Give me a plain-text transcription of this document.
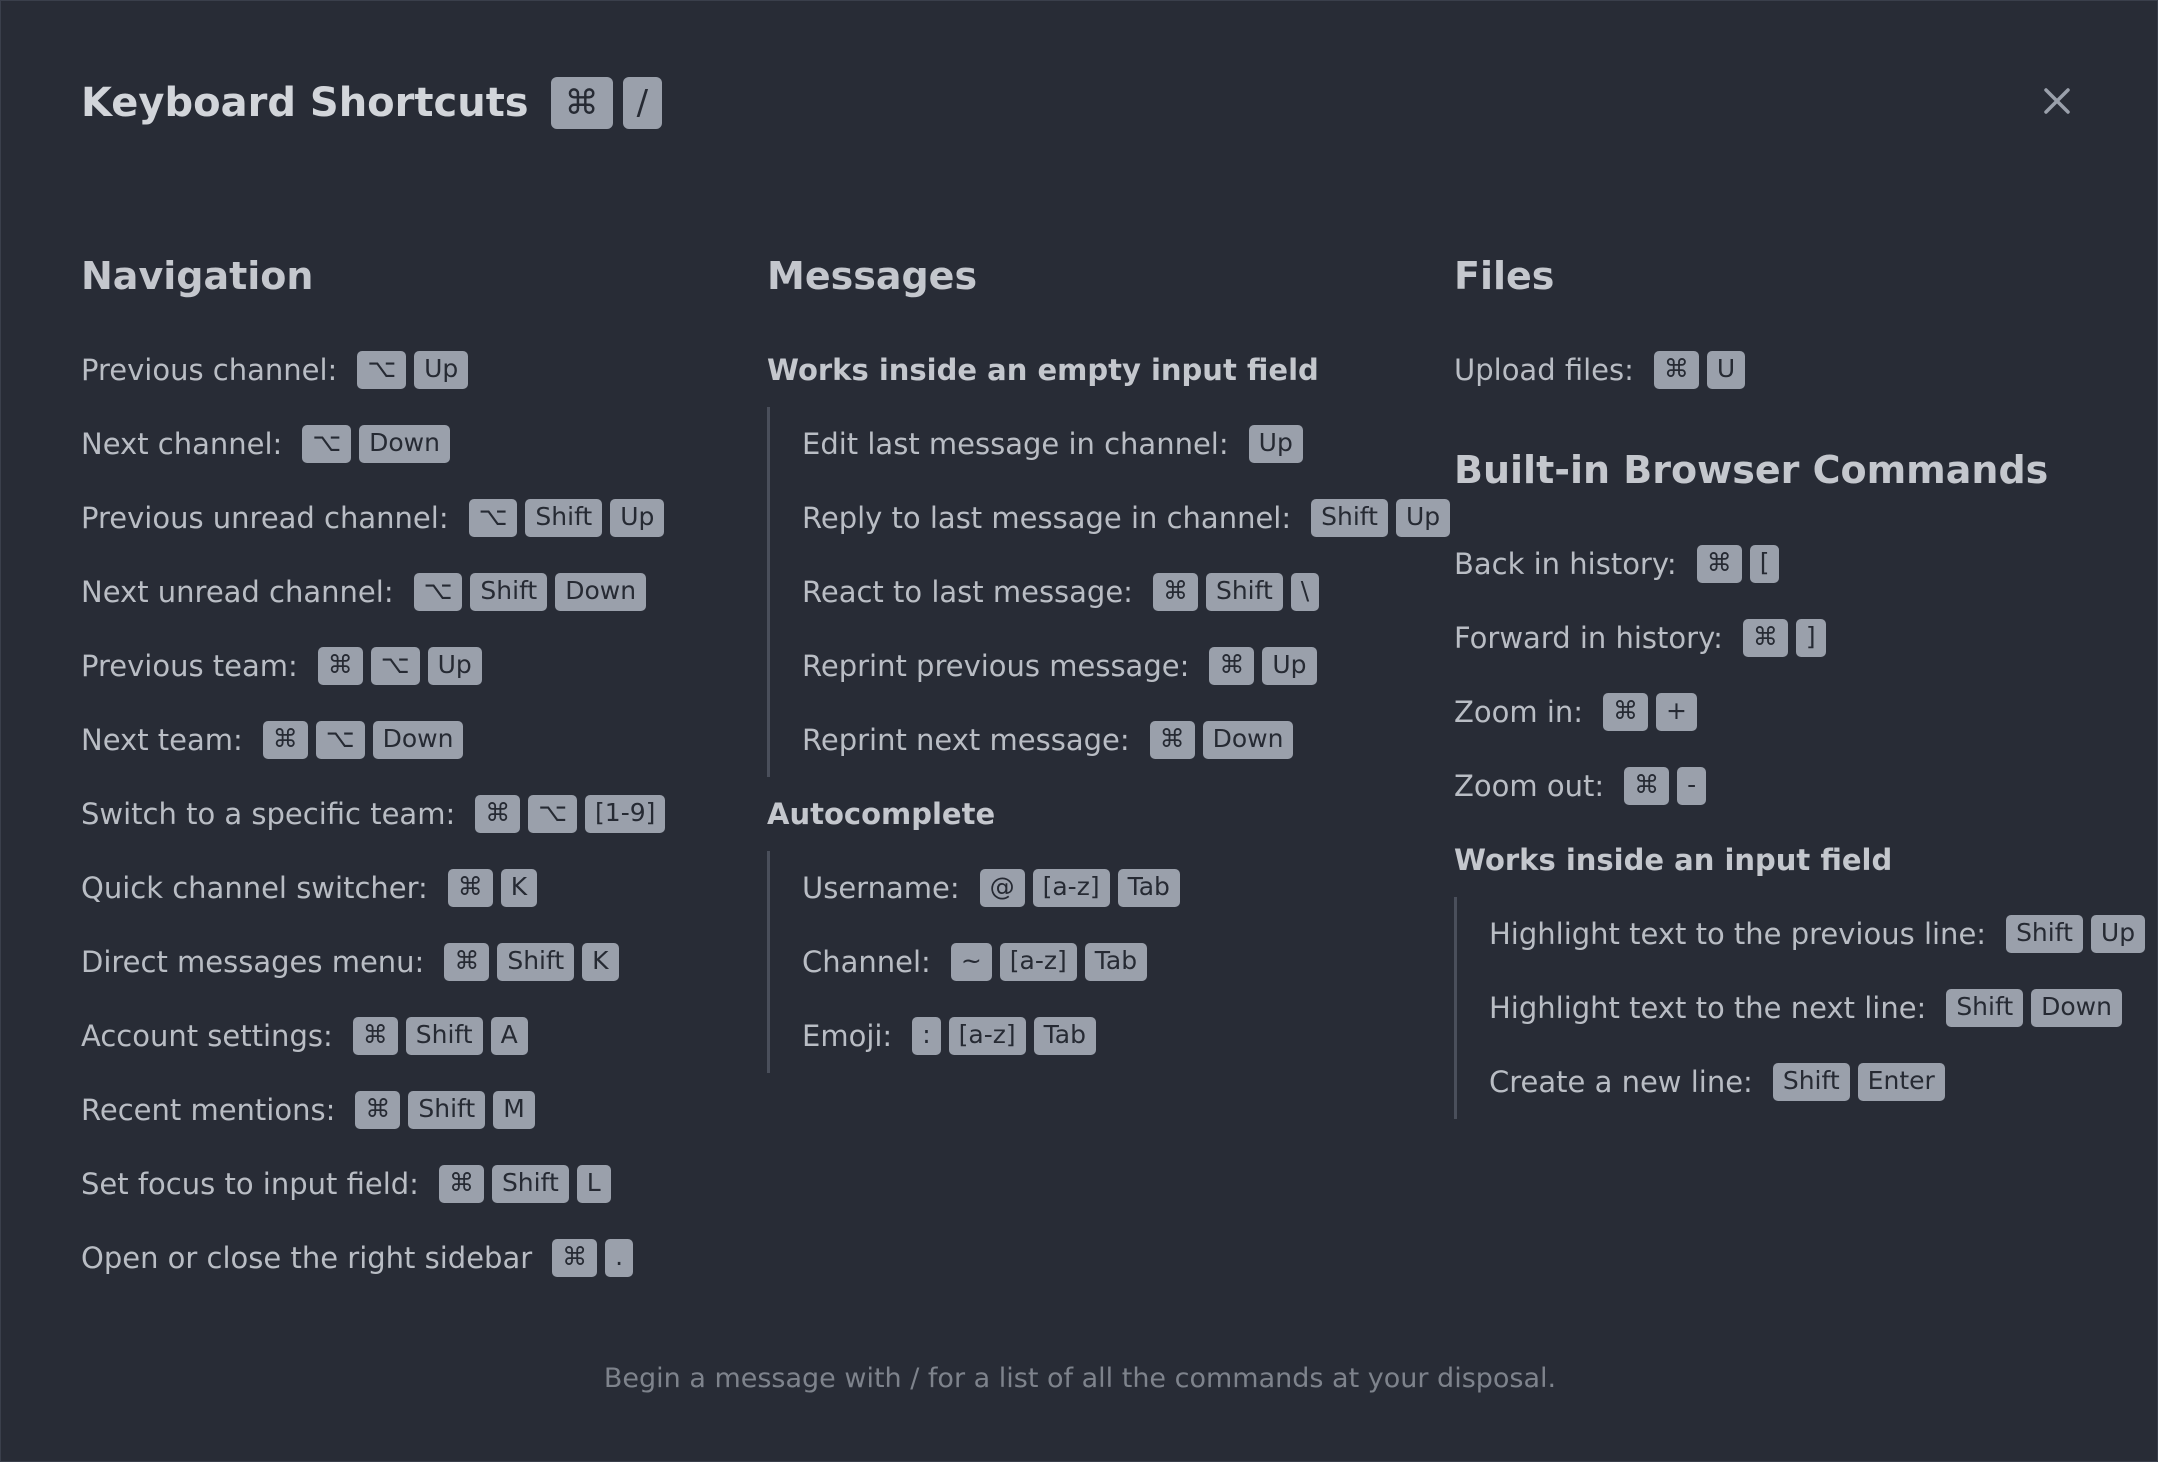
Keyboard Shortcuts	⌘	/
Navigation
Previous channel:	⌥	Up
Next channel:	⌥	Down
Previous unread channel:	⌥	Shift	Up
Next unread channel:	⌥	Shift	Down
Previous team:	⌘	⌥	Up
Next team:	⌘	⌥	Down
Switch to a specific team:	⌘	⌥	[1-9]
Quick channel switcher:	⌘	K
Direct messages menu:	⌘	Shift	K
Account settings:	⌘	Shift	A
Recent mentions:	⌘	Shift	M
Set focus to input field:	⌘	Shift	L
Open or close the right sidebar	⌘	.
Messages
Works inside an empty input field
Edit last message in channel:	Up
Reply to last message in channel:	Shift	Up
React to last message:	⌘	Shift	\
Reprint previous message:	⌘	Up
Reprint next message:	⌘	Down
Autocomplete
Username:	@	[a-z]	Tab
Channel:	~	[a-z]	Tab
Emoji:	:	[a-z]	Tab
Files
Upload files:	⌘	U
Built-in Browser Commands
Back in history:	⌘	[
Forward in history:	⌘	]
Zoom in:	⌘	+
Zoom out:	⌘	-
Works inside an input field
Highlight text to the previous line:	Shift	Up
Highlight text to the next line:	Shift	Down
Create a new line:	Shift	Enter
Begin a message with / for a list of all the commands at your disposal.
